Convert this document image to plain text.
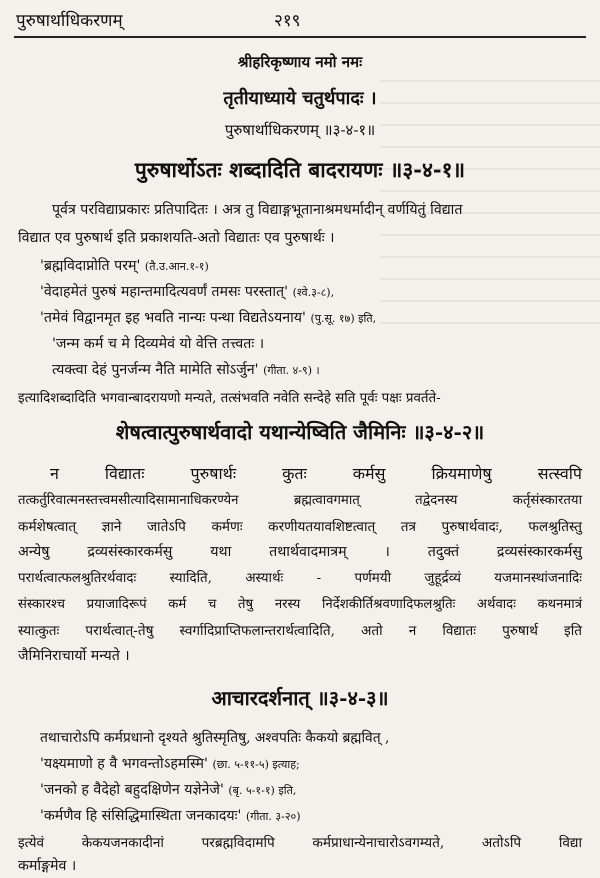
पुरुषार्थाधिकरणम्	२१९
श्रीहरिकृष्णाय नमो नमः
तृतीयाध्याये चतुर्थपादः ।
पुरुषार्थाधिकरणम् ॥३-४-१॥
पुरुषार्थोऽतः शब्दादिति बादरायणः ॥३-४-१॥
पूर्वत्र परविद्याप्रकारः प्रतिपादितः । अत्र तु विद्याङ्गभूतानाश्रमधर्मादीन् वर्णयितुं विद्यात
विद्यात एव पुरुषार्थ इति प्रकाशयति-अतो विद्यातः एव पुरुषार्थः ।
'ब्रह्मविदाप्नोति परम्' (तै.उ.आन.१-१)
'वेदाहमेतं पुरुषं महान्तमादित्यवर्णं तमसः परस्तात्' (श्वे.३-८),
'तमेवं विद्वानमृत इह भवति नान्यः पन्था विद्यतेऽयनाय' (पु.सू. १७) इति,
'जन्म कर्म च मे दिव्यमेवं यो वेत्ति तत्त्वतः ।
त्यक्त्वा देहं पुनर्जन्म नैति मामेति सोऽर्जुन' (गीता. ४-९) ।
इत्यादिशब्दादिति भगवान्बादरायणो मन्यते, तत्संभवति नवेति सन्देहे सति पूर्वः पक्षः प्रवर्तते-
शेषत्वात्पुरुषार्थवादो यथान्येष्विति जैमिनिः ॥३-४-२॥
न विद्यातः पुरुषार्थः कुतः कर्मसु क्रियमाणेषु सत्स्वपि
तत्कर्तुरिवात्मनस्तत्त्वमसीत्यादिसामानाधिकरण्येन ब्रह्मत्वावगमात् तद्वेदनस्य कर्तृसंस्कारतया
कर्मशेषत्वात् ज्ञाने जातेऽपि कर्मणः करणीयतयावशिष्टत्वात् तत्र पुरुषार्थवादः, फलश्रुतिस्तु
अन्येषु द्रव्यसंस्कारकर्मसु यथा तथार्थवादमात्रम् । तदुक्तं द्रव्यसंस्कारकर्मसु
परार्थत्वात्फलश्रुतिरर्थवादः स्यादिति, अस्यार्थः - पर्णमयी जुहूर्द्रव्यं यजमानस्थांजनादिः
संस्कारश्च प्रयाजादिरूपं कर्म च तेषु नरस्य निर्देशकीर्तिश्रवणादिफलश्रुतिः अर्थवादः कथनमात्रं
स्यात्कुतः परार्थत्वात्-तेषु स्वर्गादिप्राप्तिफलान्तरार्थत्वादिति, अतो न विद्यातः पुरुषार्थ इति
जैमिनिराचार्यो मन्यते ।
आचारदर्शनात् ॥३-४-३॥
तथाचारोऽपि कर्मप्रधानो दृश्यते श्रुतिस्मृतिषु, अश्वपतिः कैकयो ब्रह्मवित् ,
'यक्ष्यमाणो ह वै भगवन्तोऽहमस्मि' (छा. ५-११-५) इत्याह;
'जनको ह वैदेहो बहुदक्षिणेन यज्ञेनेजे' (बृ. ५-१-१) इति,
'कर्मणैव हि संसिद्धिमास्थिता जनकादयः' (गीता. ३-२०)
इत्येवं केकयजनकादीनां परब्रह्मविदामपि कर्मप्राधान्येनाचारोऽवगम्यते, अतोऽपि विद्या
कर्माङ्गमेव ।
